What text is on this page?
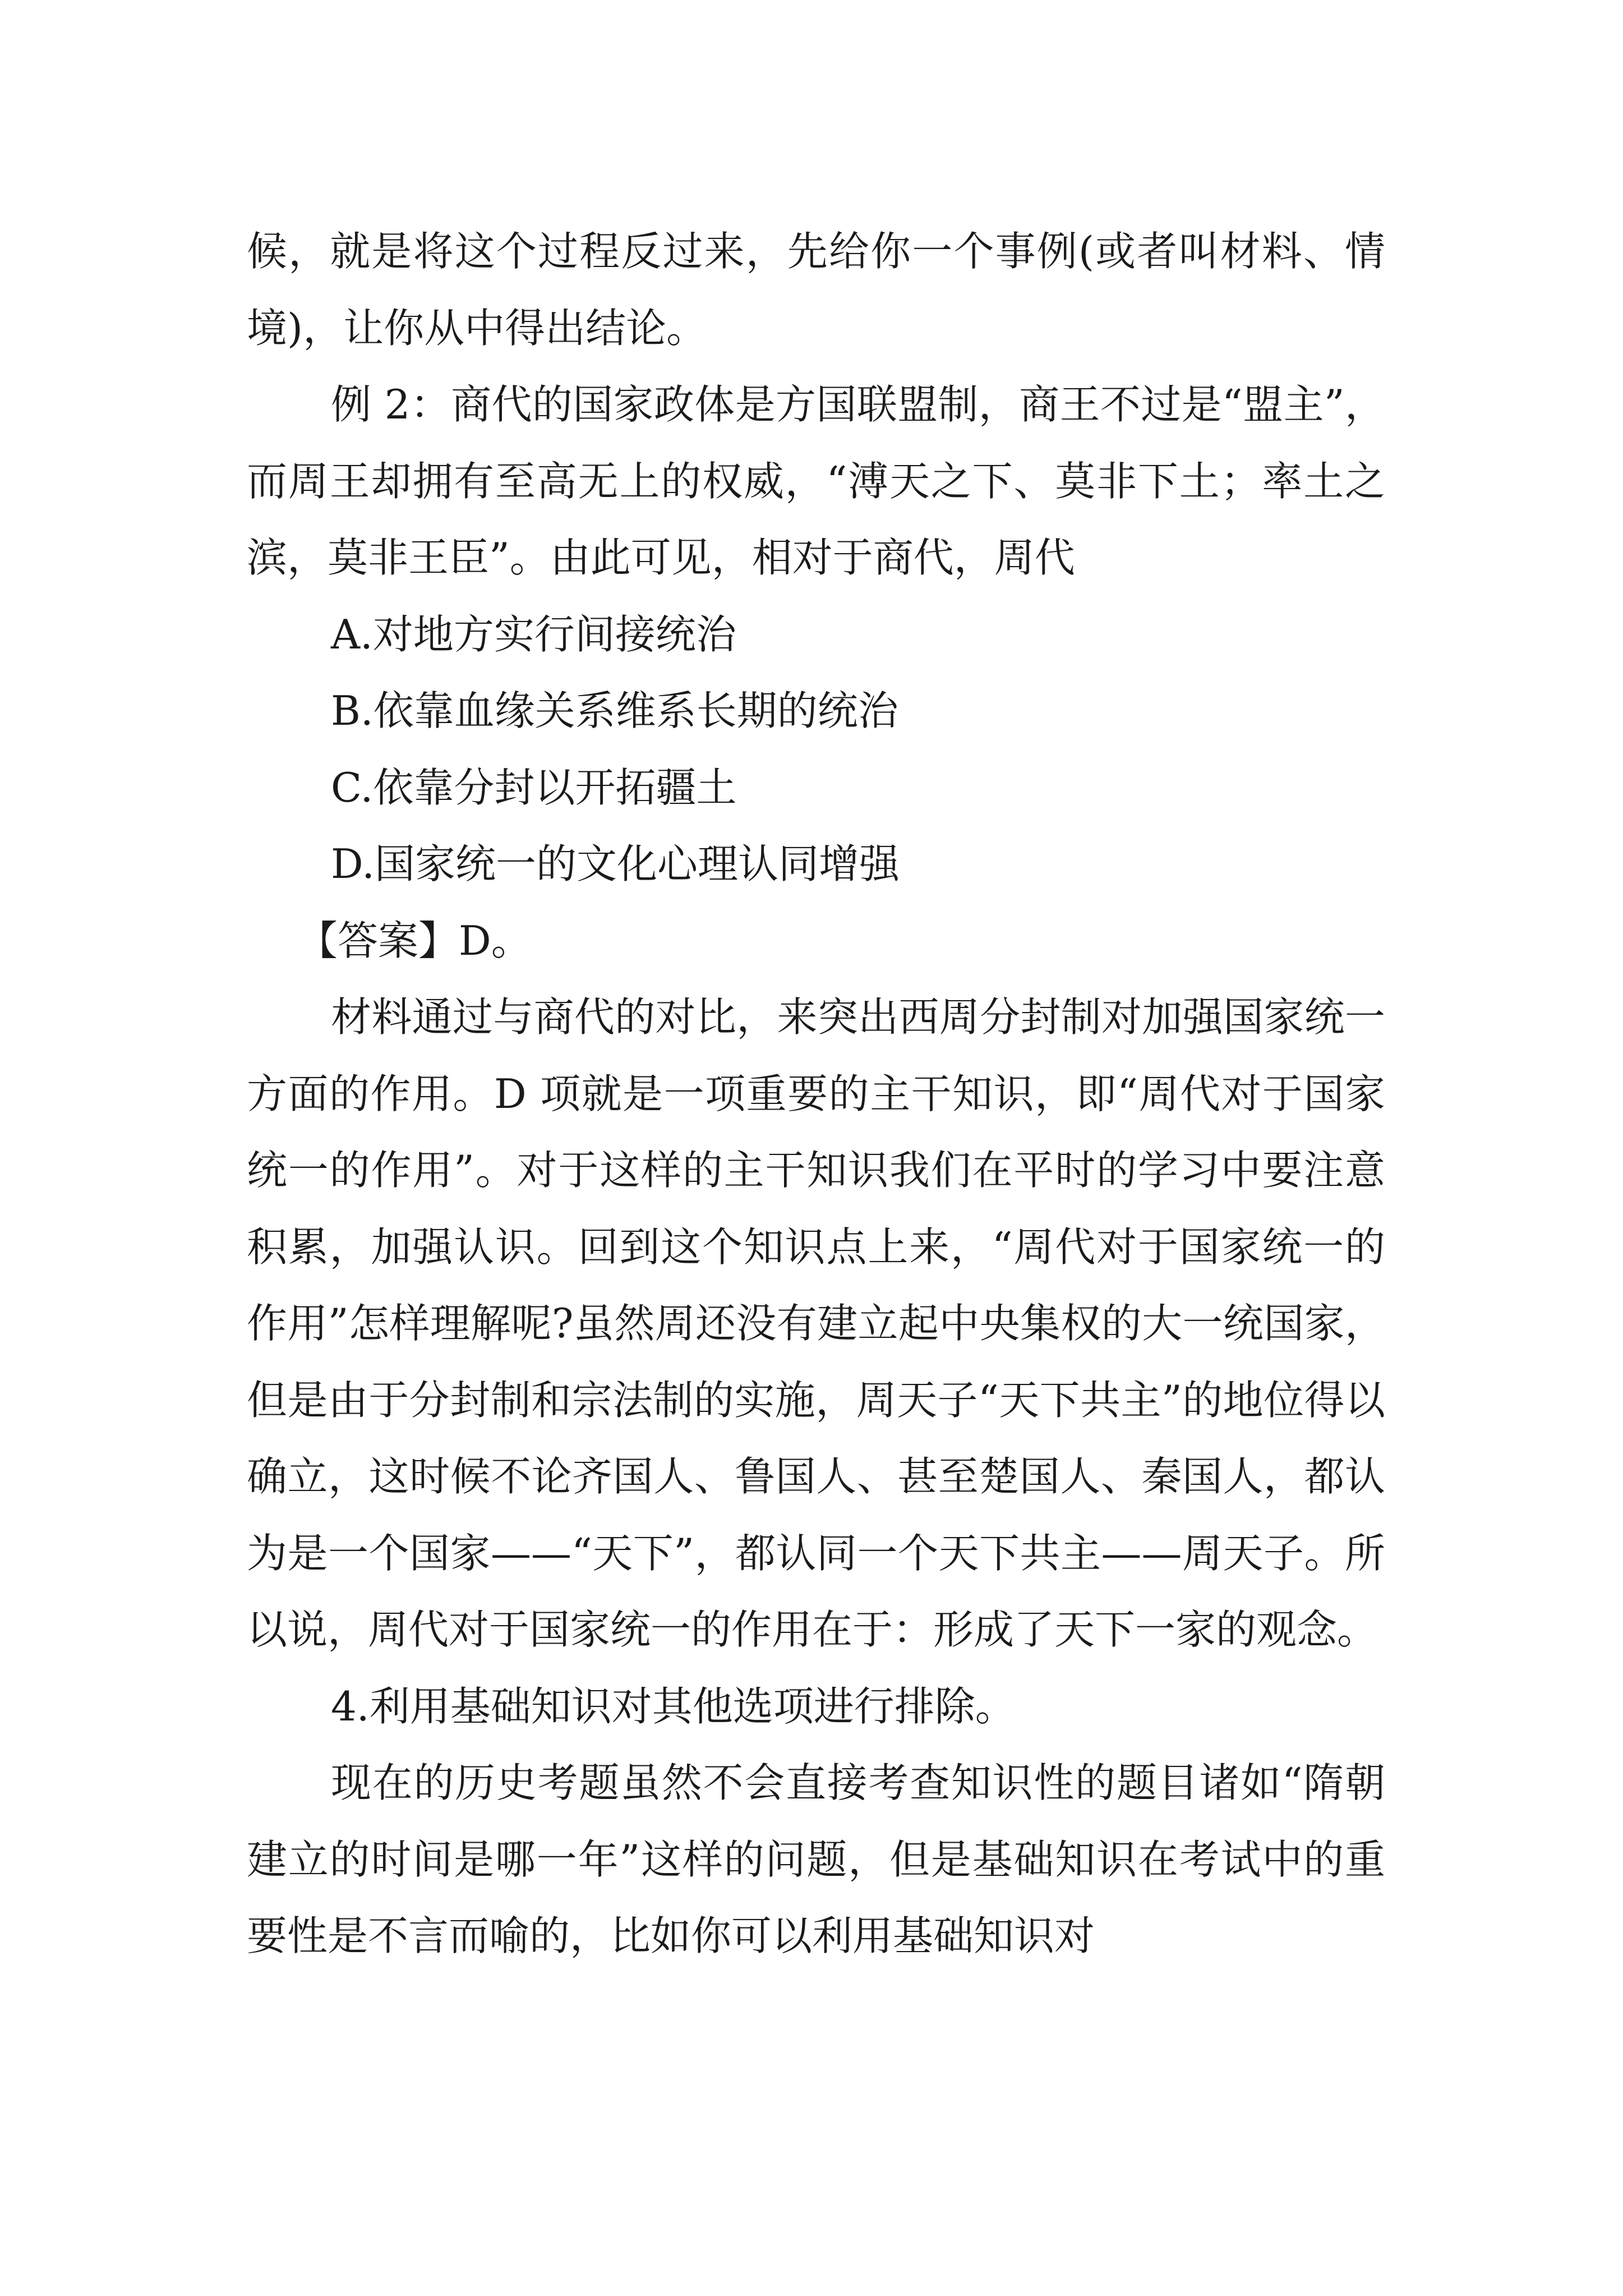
候，就是将这个过程反过来，先给你一个事例(或者叫材料、情境)，让你从中得出结论。

例 2：商代的国家政体是方国联盟制，商王不过是“盟主”，而周王却拥有至高无上的权威，“溥天之下、莫非下土；率土之滨，莫非王臣”。由此可见，相对于商代，周代

A.对地方实行间接统治

B.依靠血缘关系维系长期的统治

C.依靠分封以开拓疆土

D.国家统一的文化心理认同增强

【答案】D。

材料通过与商代的对比，来突出西周分封制对加强国家统一方面的作用。D 项就是一项重要的主干知识，即“周代对于国家统一的作用”。对于这样的主干知识我们在平时的学习中要注意积累，加强认识。回到这个知识点上来，“周代对于国家统一的作用”怎样理解呢?虽然周还没有建立起中央集权的大一统国家，但是由于分封制和宗法制的实施，周天子“天下共主”的地位得以确立，这时候不论齐国人、鲁国人、甚至楚国人、秦国人，都认为是一个国家——“天下”，都认同一个天下共主——周天子。所以说，周代对于国家统一的作用在于：形成了天下一家的观念。

4.利用基础知识对其他选项进行排除。

现在的历史考题虽然不会直接考查知识性的题目诸如“隋朝建立的时间是哪一年”这样的问题，但是基础知识在考试中的重要性是不言而喻的，比如你可以利用基础知识对
